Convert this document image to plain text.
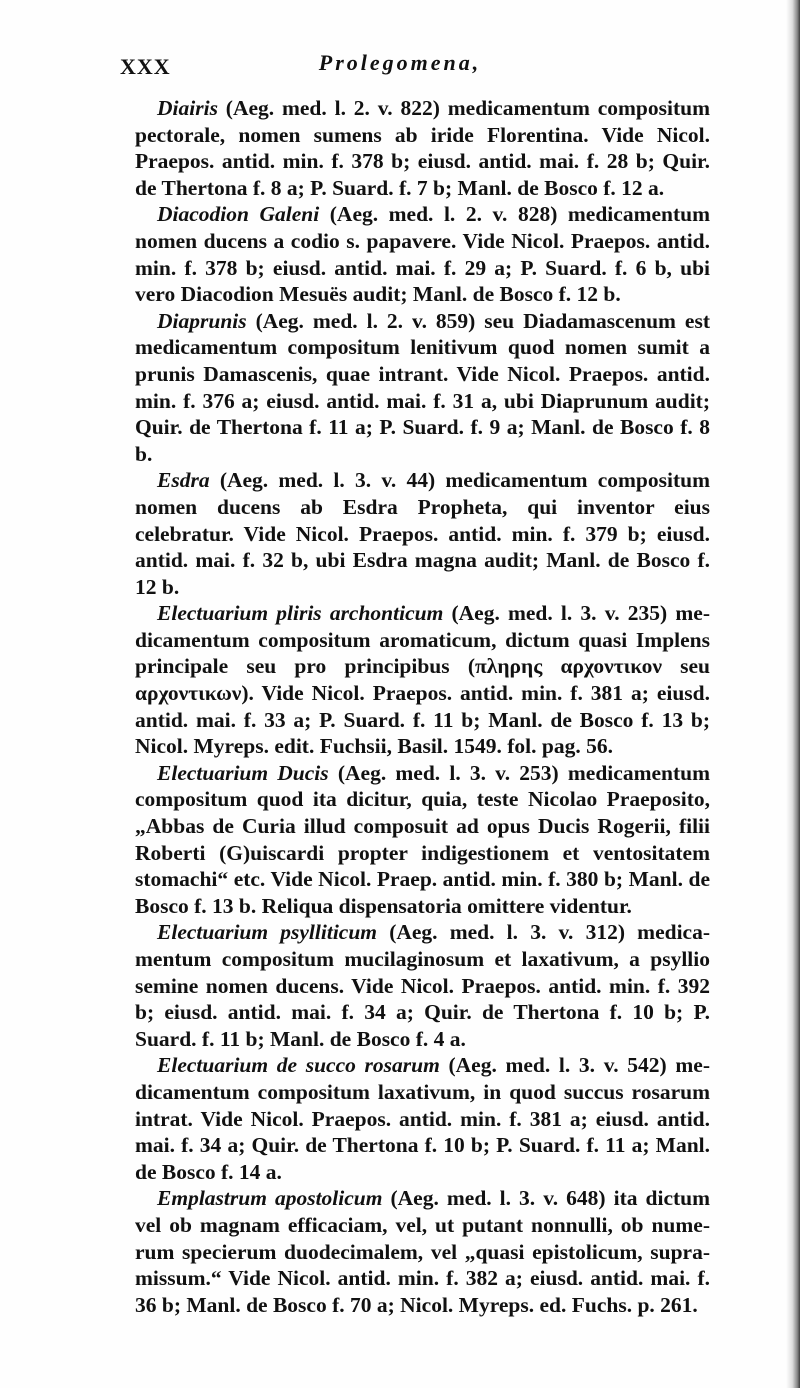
XXX	Prolegomena,

Diairis (Aeg. med. l. 2. v. 822) medicamentum compositum pectorale, nomen sumens ab iride Florentina. Vide Nicol. Praepos. antid. min. f. 378 b; eiusd. antid. mai. f. 28 b; Quir. de Thertona f. 8 a; P. Suard. f. 7 b; Manl. de Bosco f. 12 a.

Diacodion Galeni (Aeg. med. l. 2. v. 828) medicamentum nomen ducens a codio s. papavere. Vide Nicol. Praepos. antid. min. f. 378 b; eiusd. antid. mai. f. 29 a; P. Suard. f. 6 b, ubi vero Diacodion Mesuës audit; Manl. de Bosco f. 12 b.

Diaprunis (Aeg. med. l. 2. v. 859) seu Diadamascenum est medicamentum compositum lenitivum quod nomen sumit a prunis Damascenis, quae intrant. Vide Nicol. Praepos. antid. min. f. 376 a; eiusd. antid. mai. f. 31 a, ubi Diaprunum audit; Quir. de Thertona f. 11 a; P. Suard. f. 9 a; Manl. de Bosco f. 8 b.

Esdra (Aeg. med. l. 3. v. 44) medicamentum compositum nomen ducens ab Esdra Propheta, qui inventor eius celebratur. Vide Nicol. Praepos. antid. min. f. 379 b; eiusd. antid. mai. f. 32 b, ubi Esdra magna audit; Manl. de Bosco f. 12 b.

Electuarium pliris archonticum (Aeg. med. l. 3. v. 235) medicamentum compositum aromaticum, dictum quasi Implens principale seu pro principibus (πληρης αρχοντικον seu αρχοντικων). Vide Nicol. Praepos. antid. min. f. 381 a; eiusd. antid. mai. f. 33 a; P. Suard. f. 11 b; Manl. de Bosco f. 13 b; Nicol. Myreps. edit. Fuchsii, Basil. 1549. fol. pag. 56.

Electuarium Ducis (Aeg. med. l. 3. v. 253) medicamentum compositum quod ita dicitur, quia, teste Nicolao Praeposito, „Abbas de Curia illud composuit ad opus Ducis Rogerii, filii Roberti (G)uiscardi propter indigestionem et ventositatem stomachi“ etc. Vide Nicol. Praep. antid. min. f. 380 b; Manl. de Bosco f. 13 b. Reliqua dispensatoria omittere videntur.

Electuarium psylliticum (Aeg. med. l. 3. v. 312) medicamentum compositum mucilaginosum et laxativum, a psyllio semine nomen ducens. Vide Nicol. Praepos. antid. min. f. 392 b; eiusd. antid. mai. f. 34 a; Quir. de Thertona f. 10 b; P. Suard. f. 11 b; Manl. de Bosco f. 4 a.

Electuarium de succo rosarum (Aeg. med. l. 3. v. 542) medicamentum compositum laxativum, in quod succus rosarum intrat. Vide Nicol. Praepos. antid. min. f. 381 a; eiusd. antid. mai. f. 34 a; Quir. de Thertona f. 10 b; P. Suard. f. 11 a; Manl. de Bosco f. 14 a.

Emplastrum apostolicum (Aeg. med. l. 3. v. 648) ita dictum vel ob magnam efficaciam, vel, ut putant nonnulli, ob numerum specierum duodecimalem, vel „quasi epistolicum, supramissum.“ Vide Nicol. antid. min. f. 382 a; eiusd. antid. mai. f. 36 b; Manl. de Bosco f. 70 a; Nicol. Myreps. ed. Fuchs. p. 261.
